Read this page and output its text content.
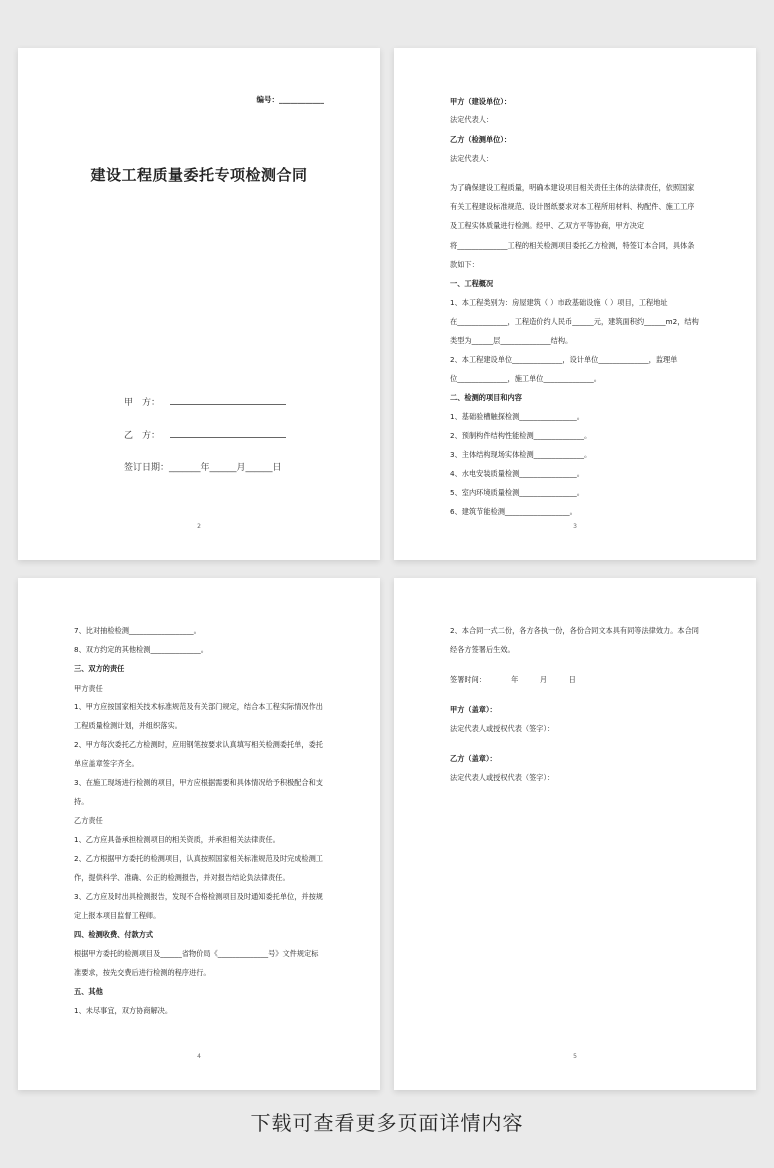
编号：____________
建设工程质量委托专项检测合同
甲　方：
乙　方：
签订日期：_______年______月______日
2
甲方（建设单位）：
法定代表人：
乙方（检测单位）：
法定代表人：
为了确保建设工程质量，明确本建设项目相关责任主体的法律责任，依照国家
有关工程建设标准规范、设计图纸要求对本工程所用材料、构配件、施工工序
及工程实体质量进行检测。经甲、乙双方平等协商，甲方决定
将______________工程的相关检测项目委托乙方检测，特签订本合同，具体条
款如下：
一、工程概况
1、本工程类别为：房屋建筑（ ）市政基础设施（ ）项目，工程地址
在______________，工程造价约人民币______元，建筑面积约______m2，结构
类型为______层______________结构。
2、本工程建设单位______________，设计单位______________，监理单
位______________，施工单位______________。
二、检测的项目和内容
1、基础验槽触探检测________________。
2、预制构件结构性能检测______________。
3、主体结构现场实体检测______________。
4、水电安装质量检测________________。
5、室内环境质量检测________________。
6、建筑节能检测__________________。
3
7、比对抽检检测__________________。
8、双方约定的其他检测______________。
三、双方的责任
甲方责任
1、甲方应按国家相关技术标准规范及有关部门规定，结合本工程实际情况作出
工程质量检测计划，并组织落实。
2、甲方每次委托乙方检测时，应用钢笔按要求认真填写相关检测委托单，委托
单应盖章签字齐全。
3、在施工现场进行检测的项目，甲方应根据需要和具体情况给予积极配合和支
持。
乙方责任
1、乙方应具备承担检测项目的相关资质，并承担相关法律责任。
2、乙方根据甲方委托的检测项目，认真按照国家相关标准规范及时完成检测工
作，提供科学、准确、公正的检测报告，并对报告结论负法律责任。
3、乙方应及时出具检测报告，发现不合格检测项目及时通知委托单位，并按规
定上报本项目监督工程师。
四、检测收费、付款方式
根据甲方委托的检测项目及______省物价局《______________号》文件规定标
准要求，按先交费后进行检测的程序进行。
五、其他
1、未尽事宜，双方协商解决。
4
2、本合同一式二份，各方各执一份，各份合同文本具有同等法律效力。本合同
经各方签署后生效。
签署时间：　　　　年　　　月　　　日
甲方（盖章）：
法定代表人或授权代表（签字）：
乙方（盖章）：
法定代表人或授权代表（签字）：
5
下载可查看更多页面详情内容
